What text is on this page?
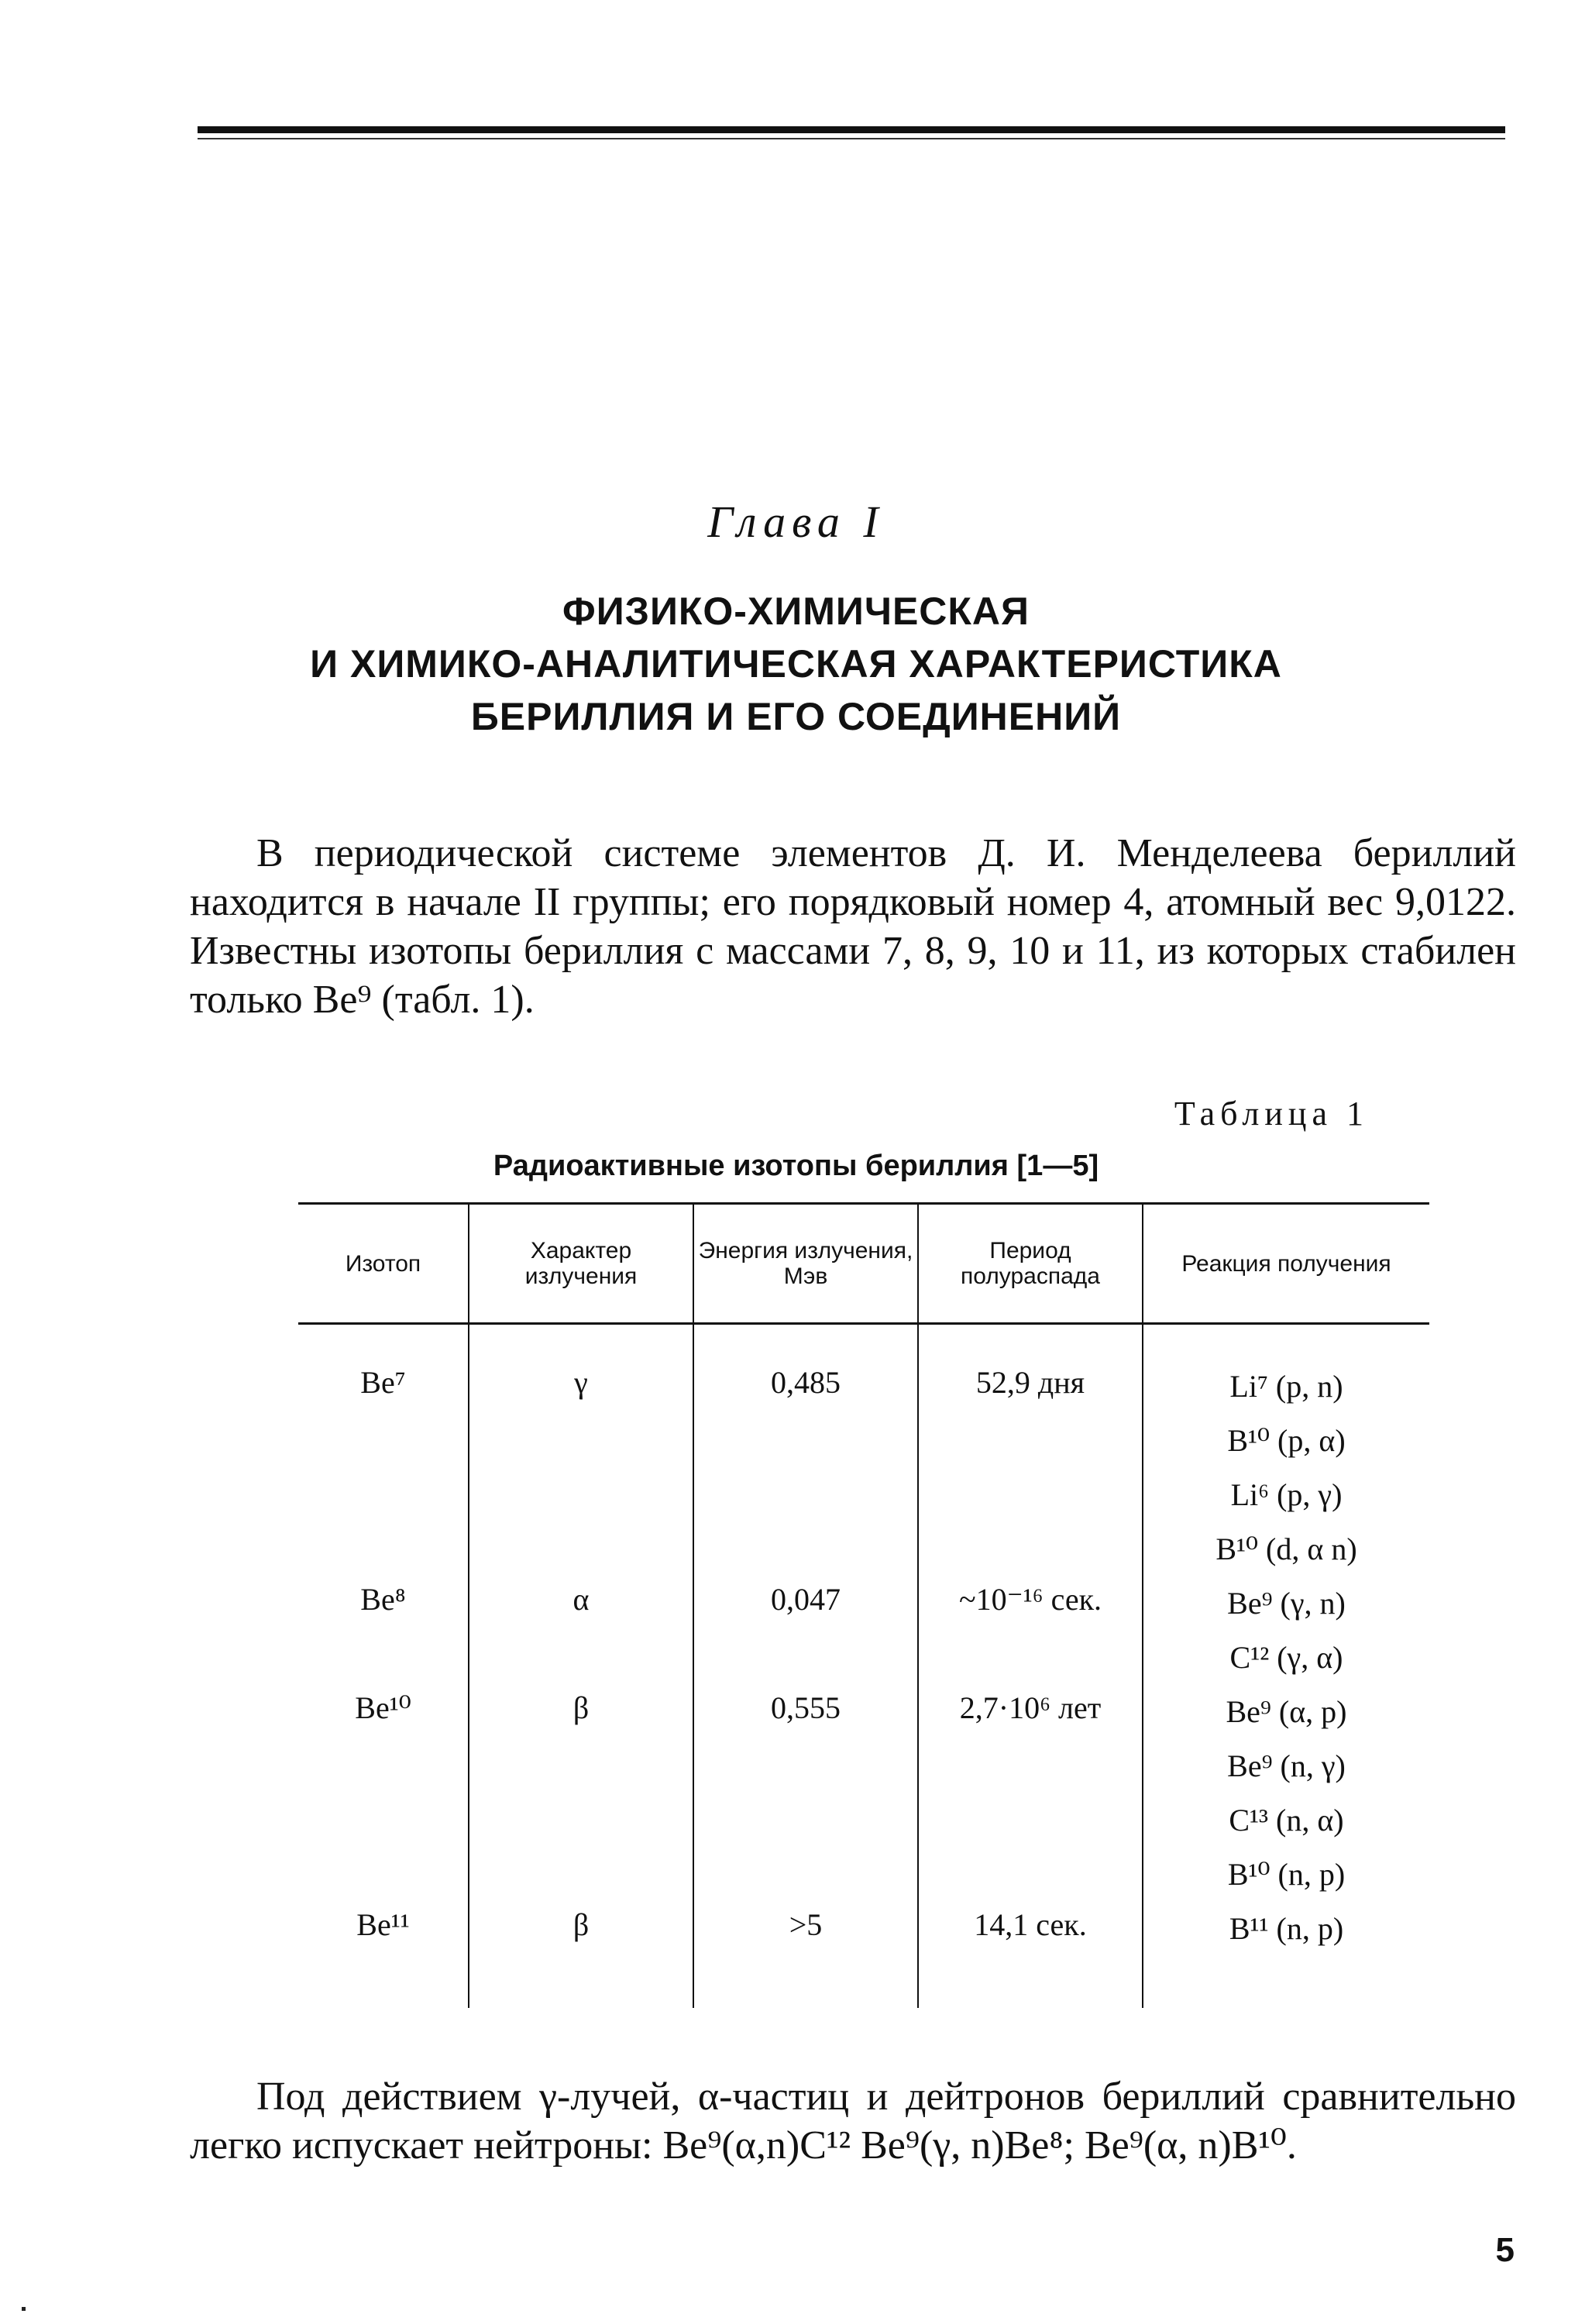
Глава I
ФИЗИКО-ХИМИЧЕСКАЯ
И ХИМИКО-АНАЛИТИЧЕСКАЯ ХАРАКТЕРИСТИКА
БЕРИЛЛИЯ И ЕГО СОЕДИНЕНИЙ

В периодической системе элементов Д. И. Менделеева бериллий находится в начале II группы; его порядковый номер 4, атомный вес 9,0122. Известны изотопы бериллия с массами 7, 8, 9, 10 и 11, из которых стабилен только Be⁹ (табл. 1).

Таблица 1
Радиоактивные изотопы бериллия [1—5]
Изотоп	Характер излучения	Энергия излучения, Мэв	Период полураспада	Реакция получения
Be⁷	γ	0,485	52,9 дня	Li⁷ (p, n)
B¹⁰ (p, α)
Li⁶ (p, γ)
B¹⁰ (d, α n)

Be⁸	α	0,047	~10⁻¹⁶ сек.	Be⁹ (γ, n)
C¹² (γ, α)

Be¹⁰	β	0,555	2,7·10⁶ лет	Be⁹ (α, p)
Be⁹ (n, γ)
C¹³ (n, α)
B¹⁰ (n, p)

Be¹¹	β	>5	14,1 сек.	B¹¹ (n, p)

Под действием γ-лучей, α-частиц и дейтронов бериллий сравнительно легко испускает нейтроны: Be⁹(α,n)C¹² Be⁹(γ, n)Be⁸; Be⁹(α, n)B¹⁰.

5
